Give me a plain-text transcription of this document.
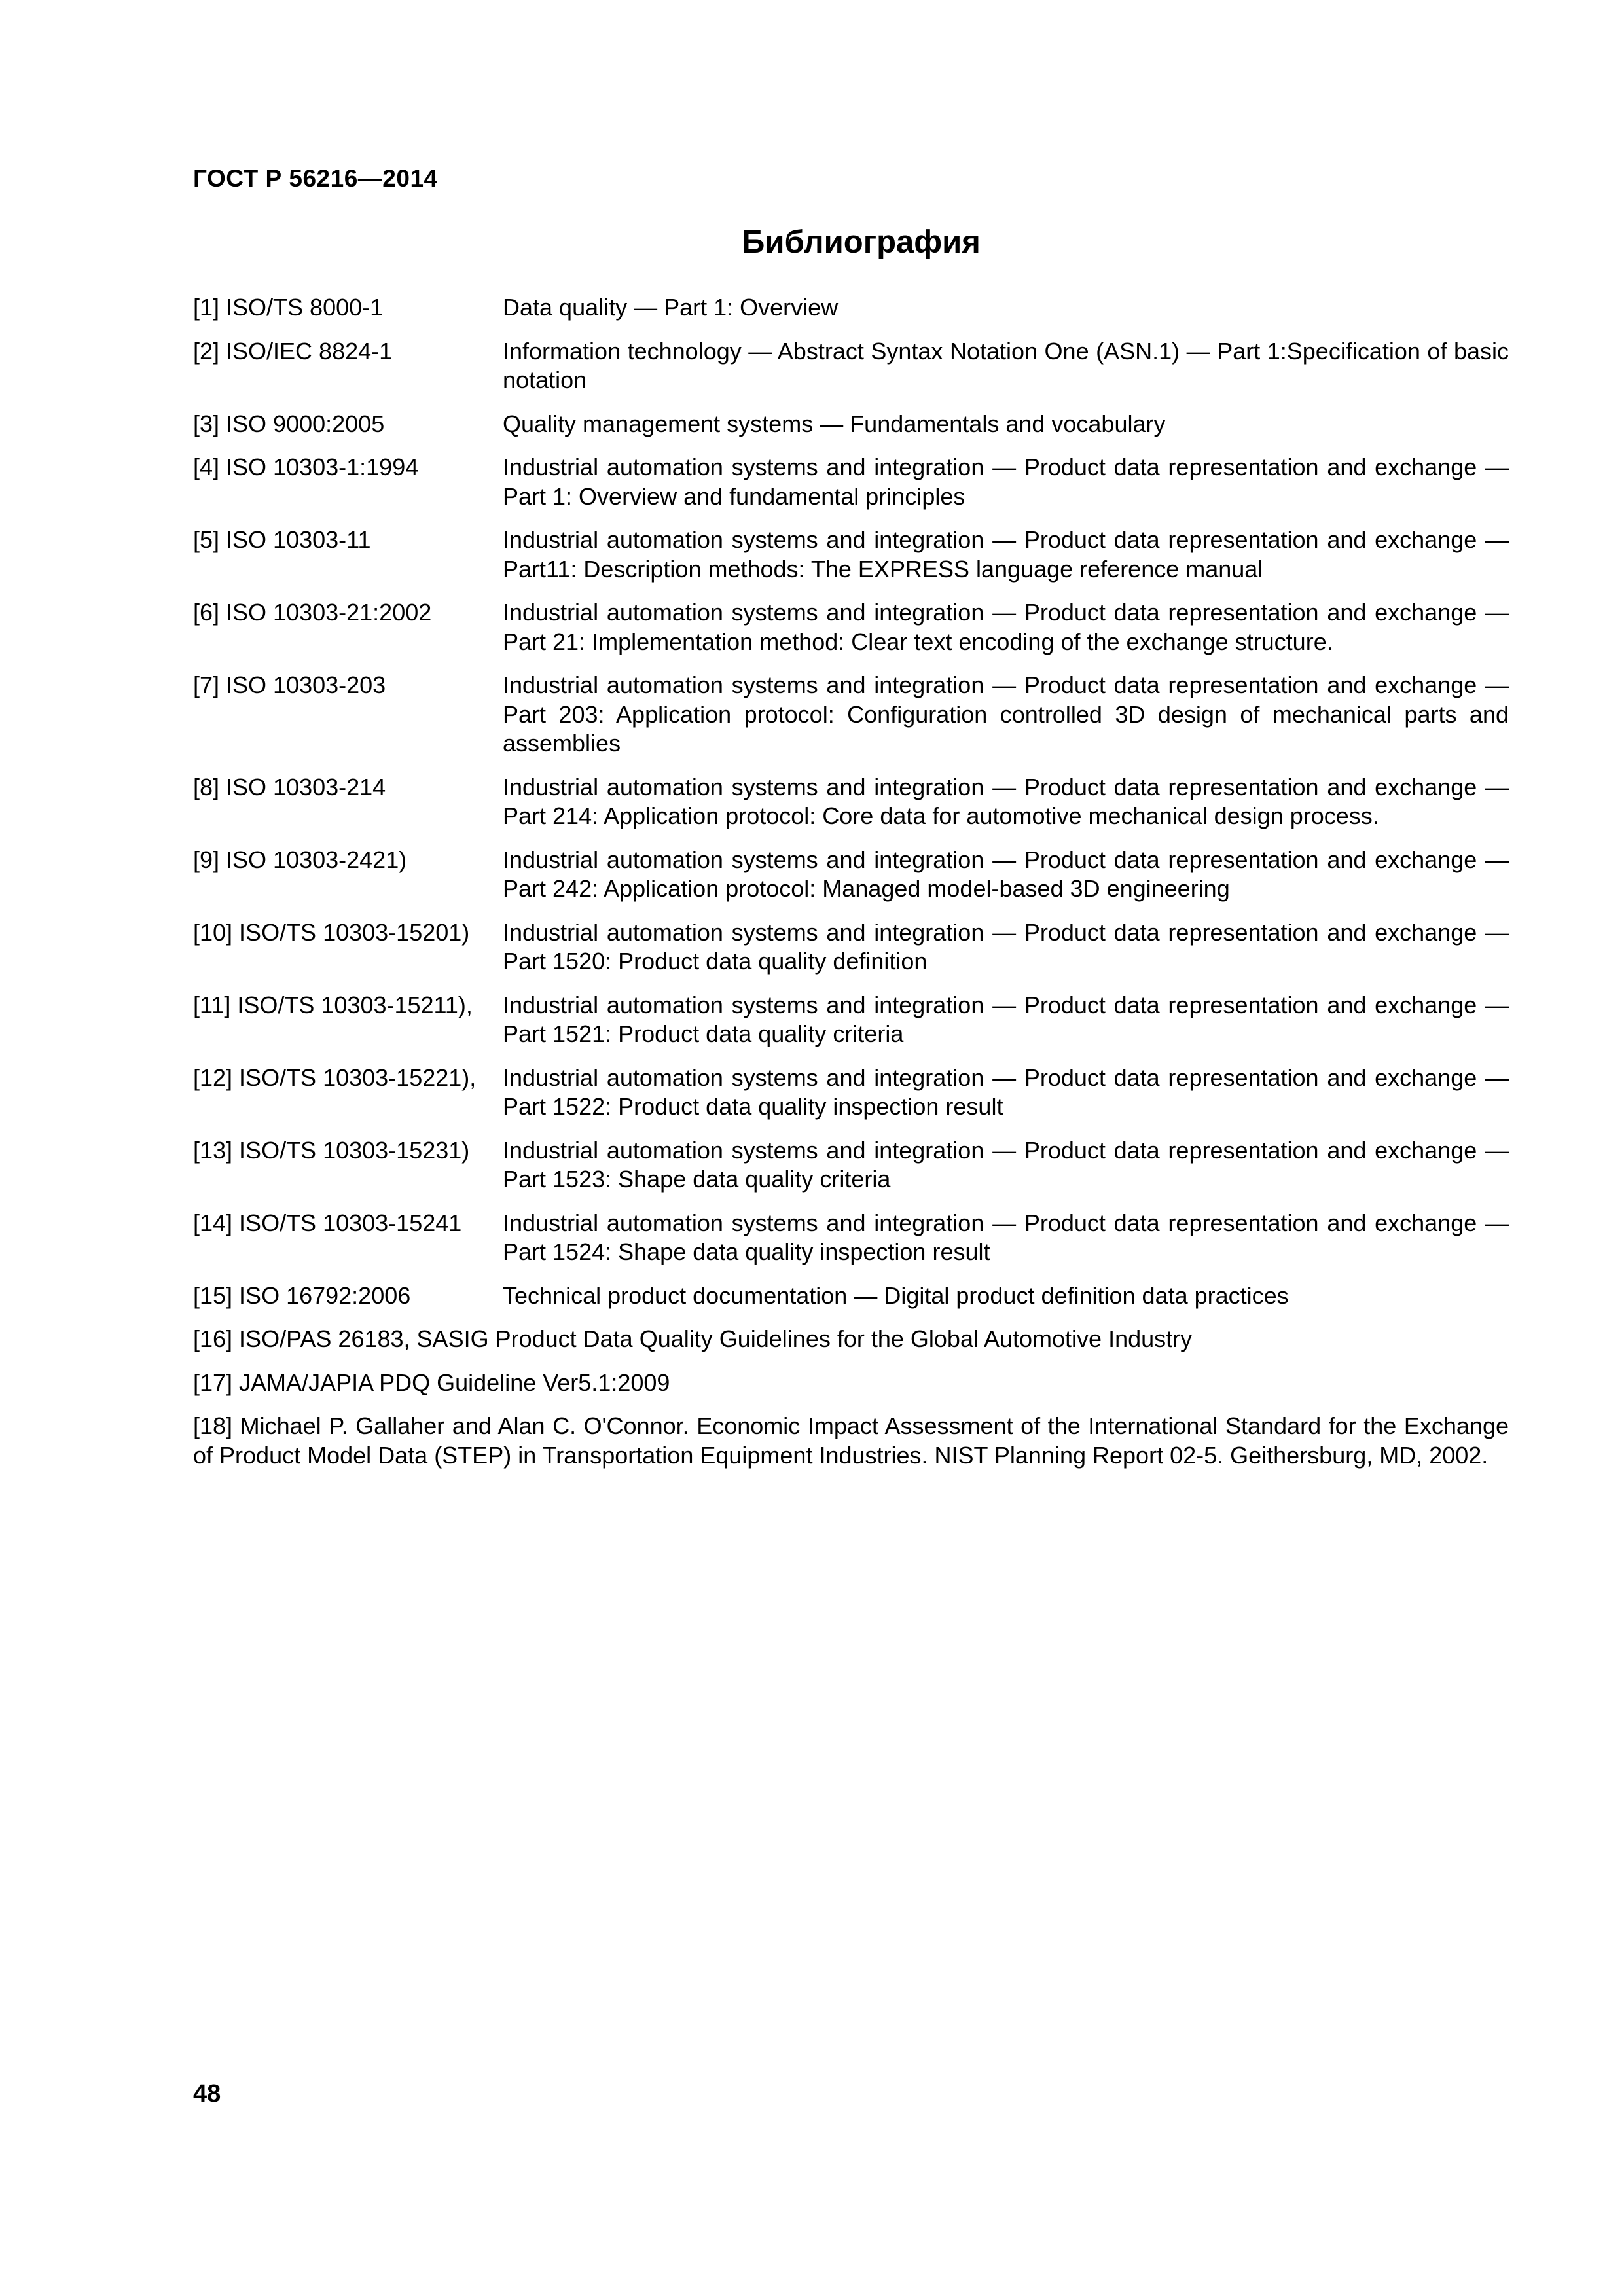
ГОСТ Р 56216—2014
Библиография
[1] ISO/TS 8000-1	Data quality — Part 1: Overview
[2] ISO/IEC 8824-1	Information technology — Abstract Syntax Notation One (ASN.1) — Part 1:Specification of basic notation
[3] ISO 9000:2005	Quality management systems — Fundamentals and vocabulary
[4] ISO 10303-1:1994	Industrial automation systems and integration — Product data representation and exchange — Part 1: Overview and fundamental principles
[5] ISO 10303-11	Industrial automation systems and integration — Product data representation and exchange — Part11: Description methods: The EXPRESS language reference manual
[6] ISO 10303-21:2002	Industrial automation systems and integration — Product data representation and exchange — Part 21: Implementation method: Clear text encoding of the exchange structure.
[7] ISO 10303-203	Industrial automation systems and integration — Product data representation and exchange —Part 203: Application protocol: Configuration controlled 3D design of mechanical parts and assemblies
[8] ISO 10303-214	Industrial automation systems and integration — Product data representation and exchange — Part 214: Application protocol: Core data for automotive mechanical design process.
[9] ISO 10303-2421)	Industrial automation systems and integration — Product data representation and exchange — Part 242: Application protocol: Managed model-based 3D engineering
[10] ISO/TS 10303-15201)	Industrial automation systems and integration — Product data representation and exchange — Part 1520: Product data quality definition
[11] ISO/TS 10303-15211),	Industrial automation systems and integration — Product data representation and exchange — Part 1521: Product data quality criteria
[12] ISO/TS 10303-15221),	Industrial automation systems and integration — Product data representation and exchange — Part 1522: Product data quality inspection result
[13] ISO/TS 10303-15231)	Industrial automation systems and integration — Product data representation and exchange — Part 1523: Shape data quality criteria
[14] ISO/TS 10303-15241	Industrial automation systems and integration — Product data representation and exchange — Part 1524: Shape data quality inspection result
[15] ISO 16792:2006	Technical product documentation — Digital product definition data practices
[16] ISO/PAS 26183, SASIG Product Data Quality Guidelines for the Global Automotive Industry
[17] JAMA/JAPIA PDQ Guideline Ver5.1:2009
[18] Michael P. Gallaher and Alan C. O'Connor. Economic Impact Assessment of the International Standard for the Exchange of Product Model Data (STEP) in Transportation Equipment Industries. NIST Planning Report 02-5. Geithersburg, MD, 2002.
48
